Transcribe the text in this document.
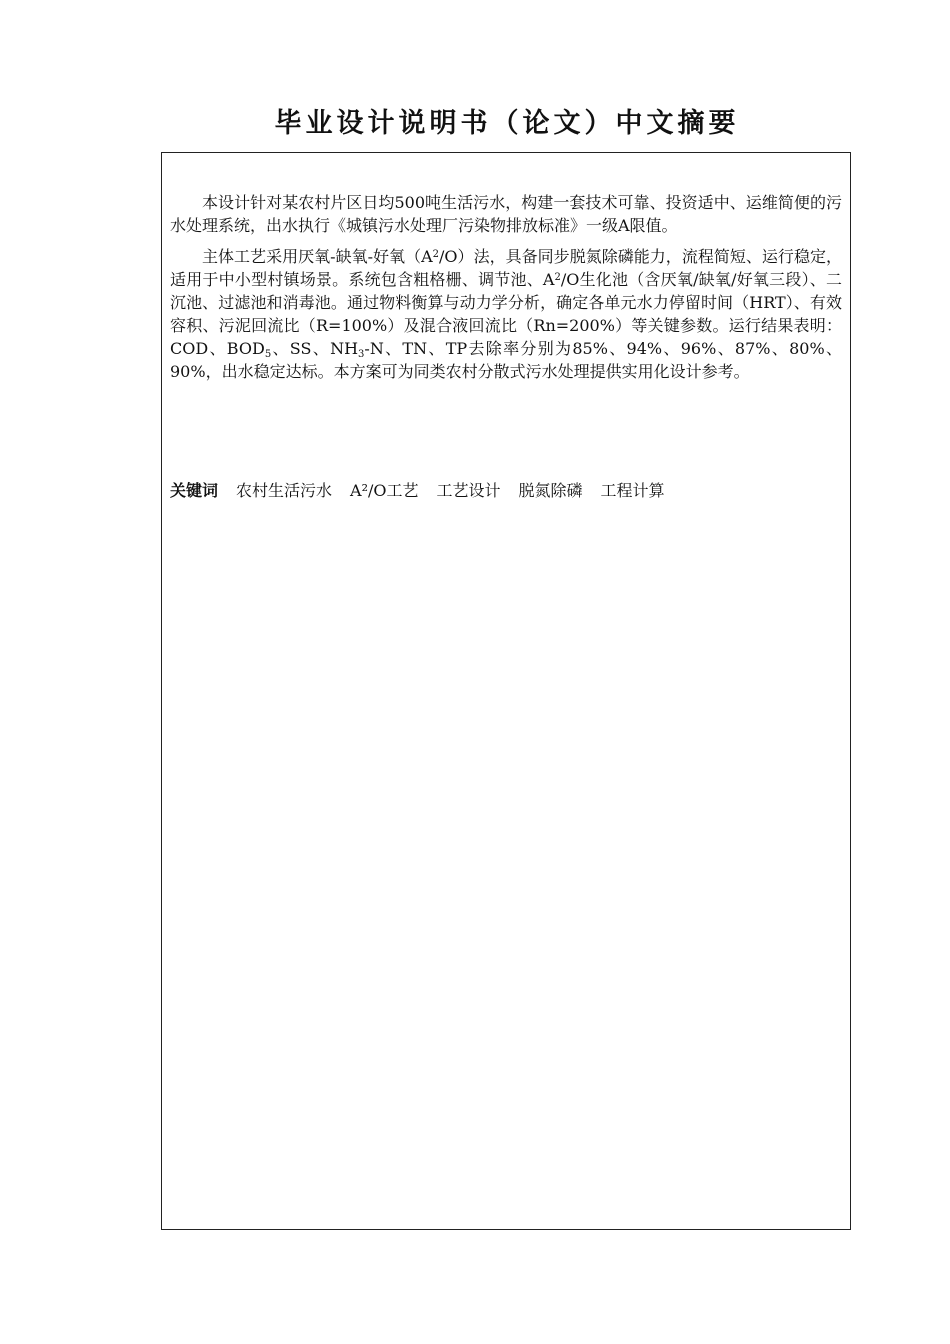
毕业设计说明书（论文）中文摘要

本设计针对某农村片区日均500吨生活污水，构建一套技术可靠、投资适中、运维简便的污水处理系统，出水执行《城镇污水处理厂污染物排放标准》一级A限值。

主体工艺采用厌氧-缺氧-好氧$(A^2/O)$法，具备同步脱氮除磷能力，流程简短、运行稳定，适用于中小型村镇场景。系统包含粗格栅、调节池、$A^2/O$生化池（含厌氧/缺氧/好氧三段）、二沉池、过滤池和消毒池。通过物料衡算与动力学分析，确定各单元水力停留时间（HRT）、有效容积、污泥回流比（R=100%）及混合液回流比（Rn=200%）等关键参数。运行结果表明：COD、$BOD_5$、SS、$NH_3-N$、TN、TP去除率分别为85%、94%、96%、87%、80%、90%，出水稳定达标。本方案可为同类农村分散式污水处理提供实用化设计参考。

关键词 农村生活污水 A²/O工艺 工艺设计 脱氮除磷 工程计算
